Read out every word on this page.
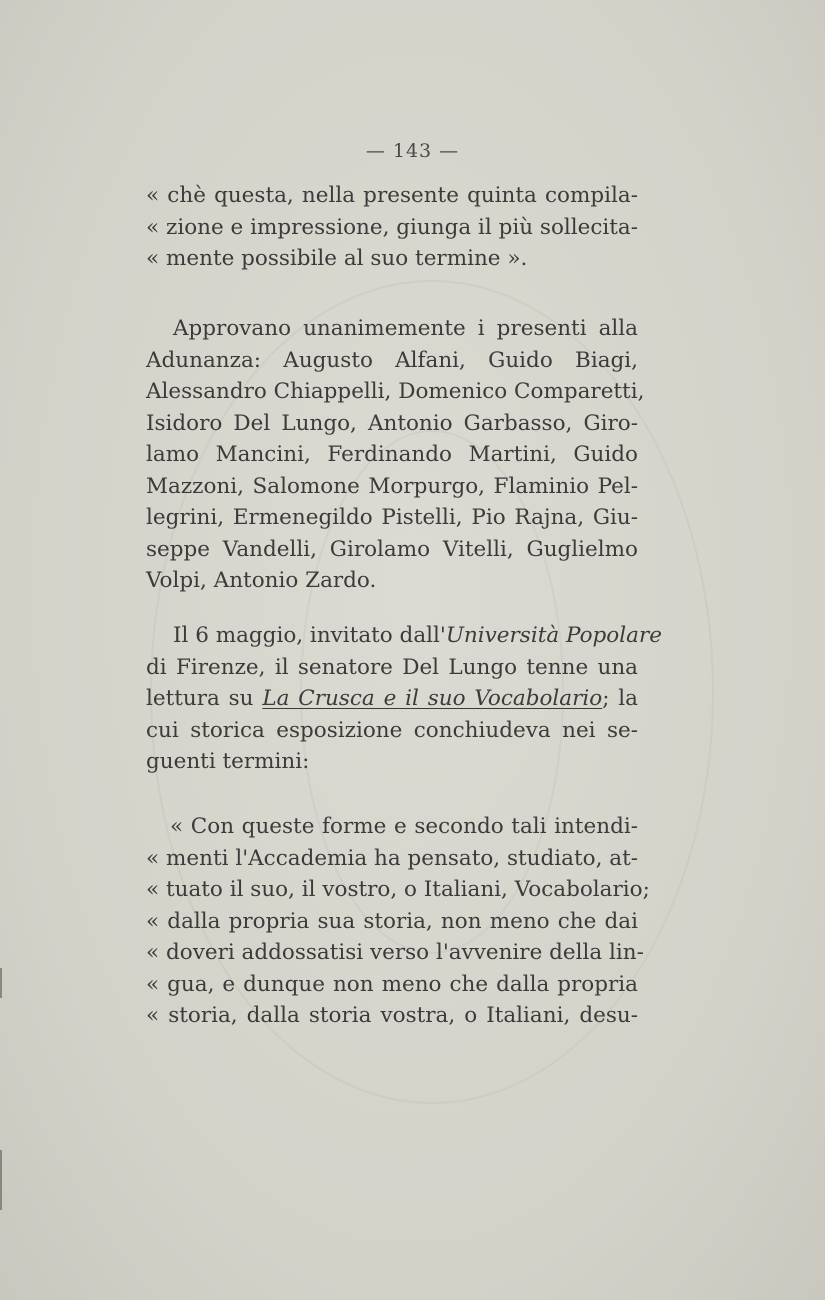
— 143 —
« chè questa, nella presente quinta compila-
« zione e impressione, giunga il più sollecita-
« mente possibile al suo termine ».
Approvano unanimemente i presenti alla
Adunanza: Augusto Alfani, Guido Biagi,
Alessandro Chiappelli, Domenico Comparetti,
Isidoro Del Lungo, Antonio Garbasso, Giro-
lamo Mancini, Ferdinando Martini, Guido
Mazzoni, Salomone Morpurgo, Flaminio Pel-
legrini, Ermenegildo Pistelli, Pio Rajna, Giu-
seppe Vandelli, Girolamo Vitelli, Guglielmo
Volpi, Antonio Zardo.
Il 6 maggio, invitato dall'Università Popolare
di Firenze, il senatore Del Lungo tenne una
lettura su La Crusca e il suo Vocabolario; la
cui storica esposizione conchiudeva nei se-
guenti termini:
« Con queste forme e secondo tali intendi-
« menti l'Accademia ha pensato, studiato, at-
« tuato il suo, il vostro, o Italiani, Vocabolario;
« dalla propria sua storia, non meno che dai
« doveri addossatisi verso l'avvenire della lin-
« gua, e dunque non meno che dalla propria
« storia, dalla storia vostra, o Italiani, desu-
